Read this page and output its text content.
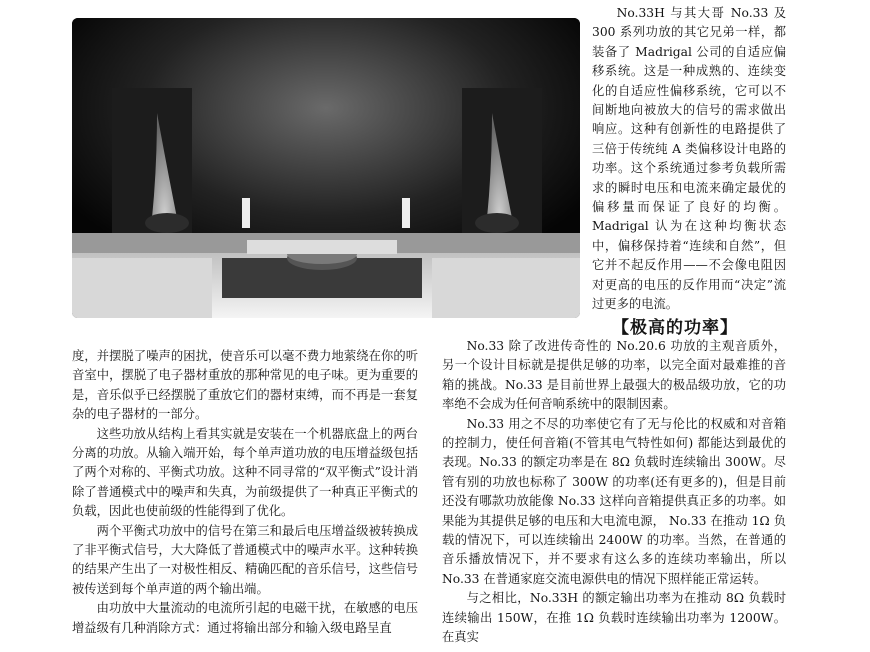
No.33H 与其大哥 No.33 及300 系列功放的其它兄弟一样，都装备了 Madrigal 公司的自适应偏移系统。这是一种成熟的、连续变化的自适应性偏移系统，它可以不间断地向被放大的信号的需求做出响应。这种有创新性的电路提供了三倍于传统纯 A 类偏移设计电路的功率。这个系统通过参考负载所需求的瞬时电压和电流来确定最优的偏移量而保证了良好的均衡。Madrigal 认为在这种均衡状态中，偏移保持着“连续和自然”，但它并不起反作用——不会像电阻因对更高的电压的反作用而“决定”流过更多的电流。

【极高的功率】

度，并摆脱了噪声的困扰，使音乐可以毫不费力地萦绕在你的听音室中，摆脱了电子器材重放的那种常见的电子味。更为重要的是，音乐似乎已经摆脱了重放它们的器材束缚，而不再是一套复杂的电子器材的一部分。

这些功放从结构上看其实就是安装在一个机器底盘上的两台分离的功放。从输入端开始，每个单声道功放的电压增益级包括了两个对称的、平衡式功放。这种不同寻常的“双平衡式”设计消除了普通模式中的噪声和失真，为前级提供了一种真正平衡式的负载，因此也使前级的性能得到了优化。

两个平衡式功放中的信号在第三和最后电压增益级被转换成了非平衡式信号，大大降低了普通模式中的噪声水平。这种转换的结果产生出了一对极性相反、精确匹配的音乐信号，这些信号被传送到每个单声道的两个输出端。

由功放中大量流动的电流所引起的电磁干扰，在敏感的电压增益级有几种消除方式：通过将输出部分和输入级电路呈直

No.33 除了改进传奇性的 No.20.6 功放的主观音质外，另一个设计目标就是提供足够的功率，以完全面对最难推的音箱的挑战。No.33 是目前世界上最强大的极品级功放，它的功率绝不会成为任何音响系统中的限制因素。

No.33 用之不尽的功率使它有了无与伦比的权威和对音箱的控制力，使任何音箱(不管其电气特性如何) 都能达到最优的表现。No.33 的额定功率是在 8Ω 负载时连续输出 300W。尽管有别的功放也标称了 300W 的功率(还有更多的)，但是目前还没有哪款功放能像 No.33 这样向音箱提供真正多的功率。如果能为其提供足够的电压和大电流电源， No.33 在推动 1Ω 负载的情况下，可以连续输出 2400W 的功率。当然，在普通的音乐播放情况下，并不要求有这么多的连续功率输出，所以 No.33 在普通家庭交流电源供电的情况下照样能正常运转。

与之相比，No.33H 的额定输出功率为在推动 8Ω 负载时连续输出 150W，在推 1Ω 负载时连续输出功率为 1200W。在真实
